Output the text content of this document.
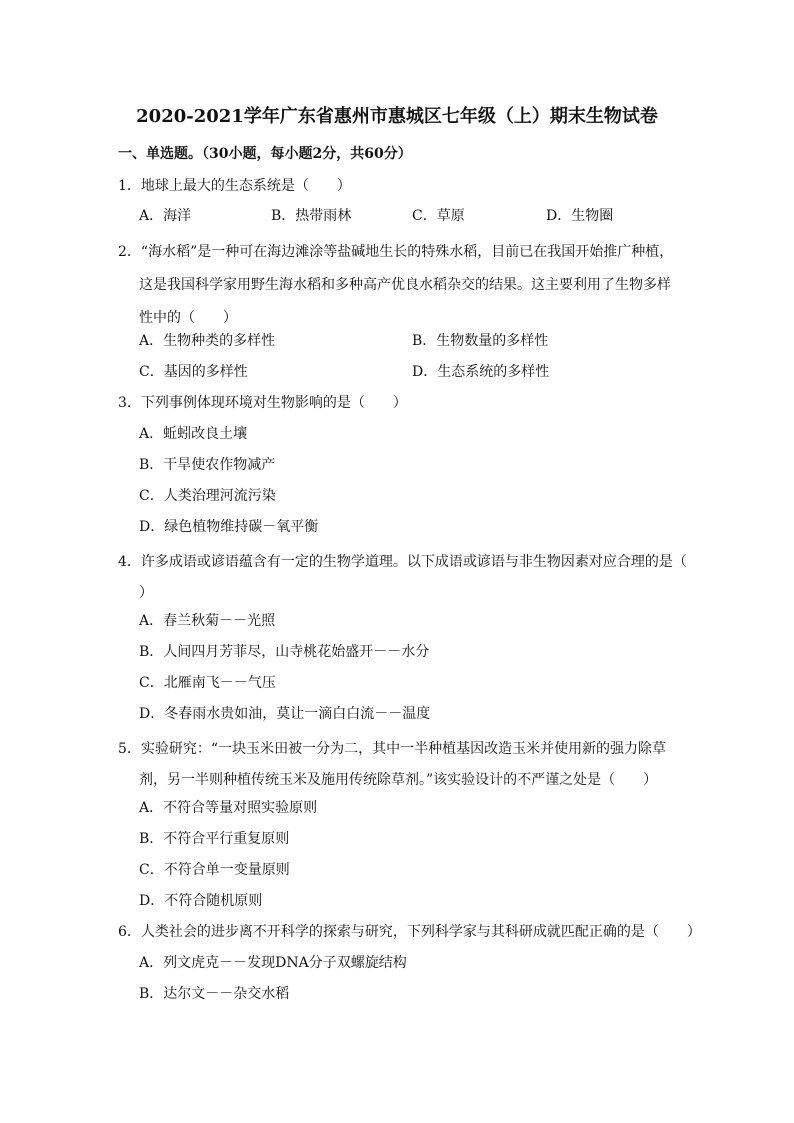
2020-2021学年广东省惠州市惠城区七年级（上）期末生物试卷
一、单选题。（30小题，每小题2分，共60分）
1．地球上最大的生态系统是（　　）
A．海洋	B．热带雨林	C．草原	D．生物圈
2．“海水稻”是一种可在海边滩涂等盐碱地生长的特殊水稻，目前已在我国开始推广种植，
这是我国科学家用野生海水稻和多种高产优良水稻杂交的结果。这主要利用了生物多样
性中的（　　）
A．生物种类的多样性	B．生物数量的多样性
C．基因的多样性	D．生态系统的多样性
3．下列事例体现环境对生物影响的是（　　）
A．蚯蚓改良土壤
B．干旱使农作物减产
C．人类治理河流污染
D．绿色植物维持碳－氧平衡
4．许多成语或谚语蕴含有一定的生物学道理。以下成语或谚语与非生物因素对应合理的是（
）
A．春兰秋菊－－光照
B．人间四月芳菲尽，山寺桃花始盛开－－水分
C．北雁南飞－－气压
D．冬春雨水贵如油，莫让一滴白白流－－温度
5．实验研究：“一块玉米田被一分为二，其中一半种植基因改造玉米并使用新的强力除草
剂，另一半则种植传统玉米及施用传统除草剂。”该实验设计的不严谨之处是（　　）
A．不符合等量对照实验原则
B．不符合平行重复原则
C．不符合单一变量原则
D．不符合随机原则
6．人类社会的进步离不开科学的探索与研究，下列科学家与其科研成就匹配正确的是（　　）
A．列文虎克－－发现DNA分子双螺旋结构
B．达尔文－－杂交水稻
